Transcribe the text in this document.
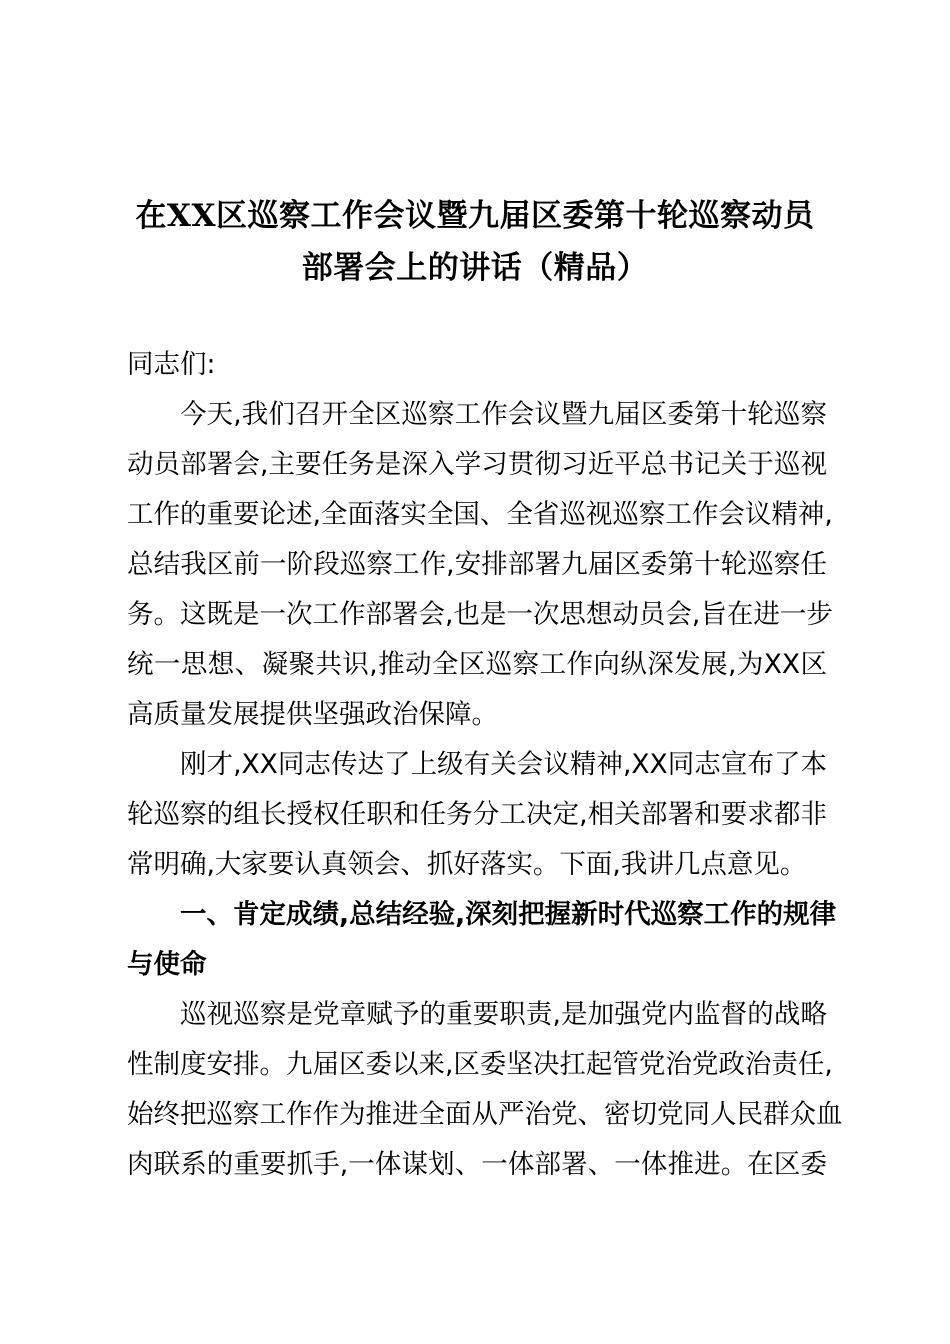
在XX区巡察工作会议暨九届区委第十轮巡察动员
部署会上的讲话（精品）

同志们:

今天,我们召开全区巡察工作会议暨九届区委第十轮巡察
动员部署会,主要任务是深入学习贯彻习近平总书记关于巡视
工作的重要论述,全面落实全国、全省巡视巡察工作会议精神,
总结我区前一阶段巡察工作,安排部署九届区委第十轮巡察任
务。这既是一次工作部署会,也是一次思想动员会,旨在进一步
统一思想、凝聚共识,推动全区巡察工作向纵深发展,为XX区
高质量发展提供坚强政治保障。

刚才,XX同志传达了上级有关会议精神,XX同志宣布了本
轮巡察的组长授权任职和任务分工决定,相关部署和要求都非
常明确,大家要认真领会、抓好落实。下面,我讲几点意见。

一、肯定成绩,总结经验,深刻把握新时代巡察工作的规律
与使命

巡视巡察是党章赋予的重要职责,是加强党内监督的战略
性制度安排。九届区委以来,区委坚决扛起管党治党政治责任,
始终把巡察工作作为推进全面从严治党、密切党同人民群众血
肉联系的重要抓手,一体谋划、一体部署、一体推进。在区委
